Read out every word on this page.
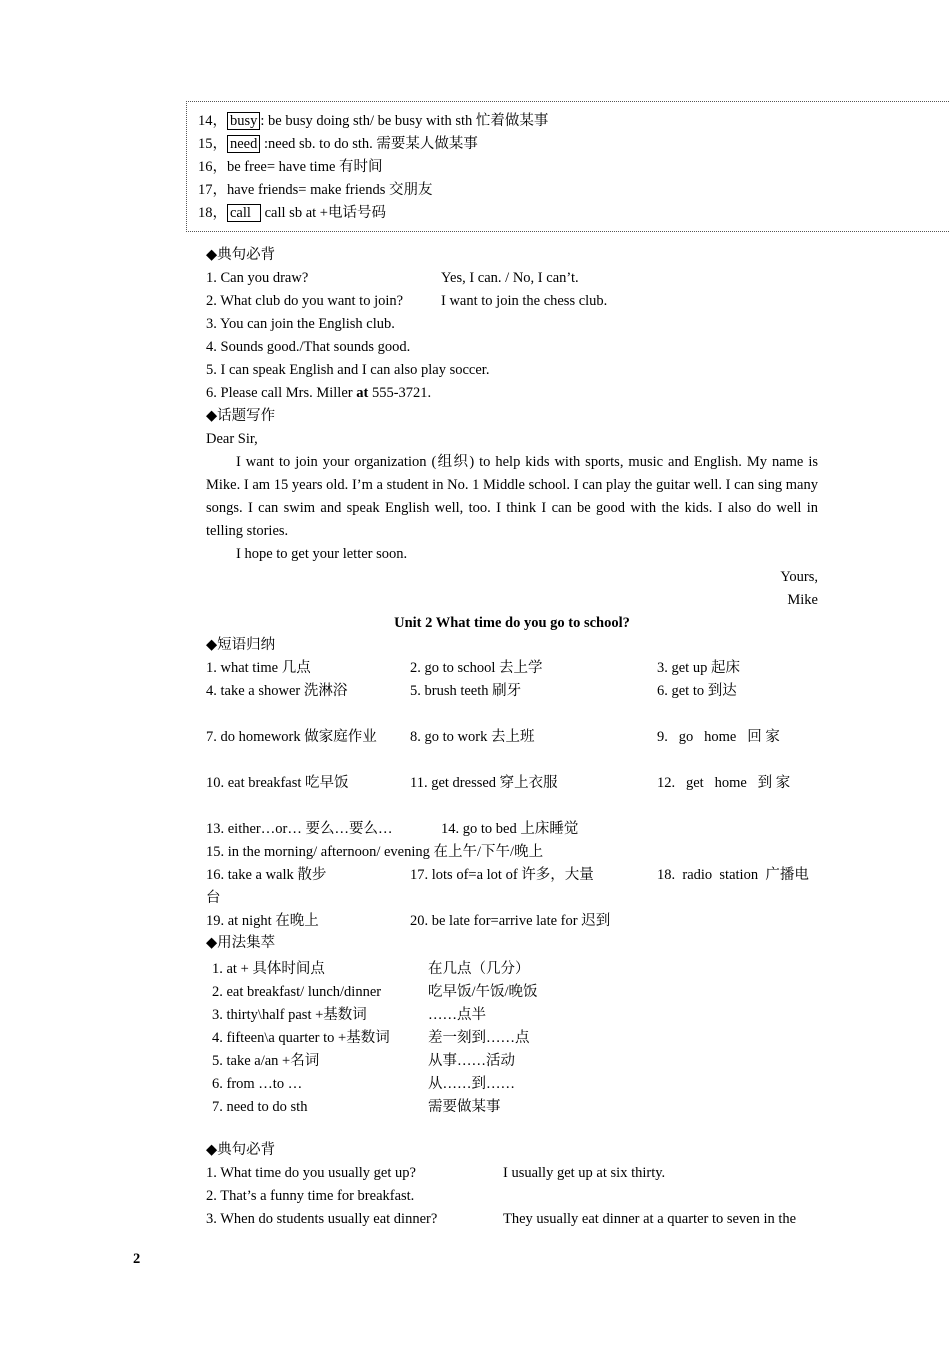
14， busy : be busy doing sth/ be busy with sth 忙着做某事
15， need :need sb. to do sth. 需要某人做某事
16，be free= have time 有时间
17，have friends= make friends 交朋友
18， call call sb at +电话号码
◆典句必背
1. Can you draw?	Yes, I can. / No, I can’t.
2. What club do you want to join?	I want to join the chess club.
3. You can join the English club.
4. Sounds good./That sounds good.
5. I can speak English and I can also play soccer.
6. Please call Mrs. Miller at 555-3721.
◆话题写作
Dear Sir,
I want to join your organization (组织) to help kids with sports, music and English. My name is Mike. I am 15 years old. I’m a student in No. 1 Middle school. I can play the guitar well. I can sing many songs. I can swim and speak English well, too. I think I can be good with the kids. I also do well in telling stories.
I hope to get your letter soon.
Yours,
Mike
Unit 2 What time do you go to school?
◆短语归纳
1. what time 几点	2. go to school 去上学	3. get up 起床
4. take a shower 洗淋浴	5. brush teeth 刷牙	6. get to 到达
7. do homework 做家庭作业 8. go to work 去上班	9.   go   home   回 家
10. eat breakfast 吃早饭	11. get dressed 穿上衣服	12.   get   home   到 家
13. either…or… 要么…要么…	14. go to bed 上床睡觉
15. in the morning/ afternoon/ evening 在上午/下午/晚上
16. take a walk 散步	17. lots of=a lot of 许多，大量	18.  radio  station  广播电
台
19. at night 在晚上	20. be late for=arrive late for 迟到
◆用法集萃
1. at + 具体时间点	在几点（几分）
2. eat breakfast/ lunch/dinner	吃早饭/午饭/晚饭
3. thirty\half past +基数词	……点半
4. fifteen\a quarter to +基数词	差一刻到……点
5. take a/an +名词	从事……活动
6. from …to …	从……到……
7. need to do sth	需要做某事
◆典句必背
1. What time do you usually get up?	I usually get up at six thirty.
2. That’s a funny time for breakfast.
3. When do students usually eat dinner?	They usually eat dinner at a quarter to seven in the
2
